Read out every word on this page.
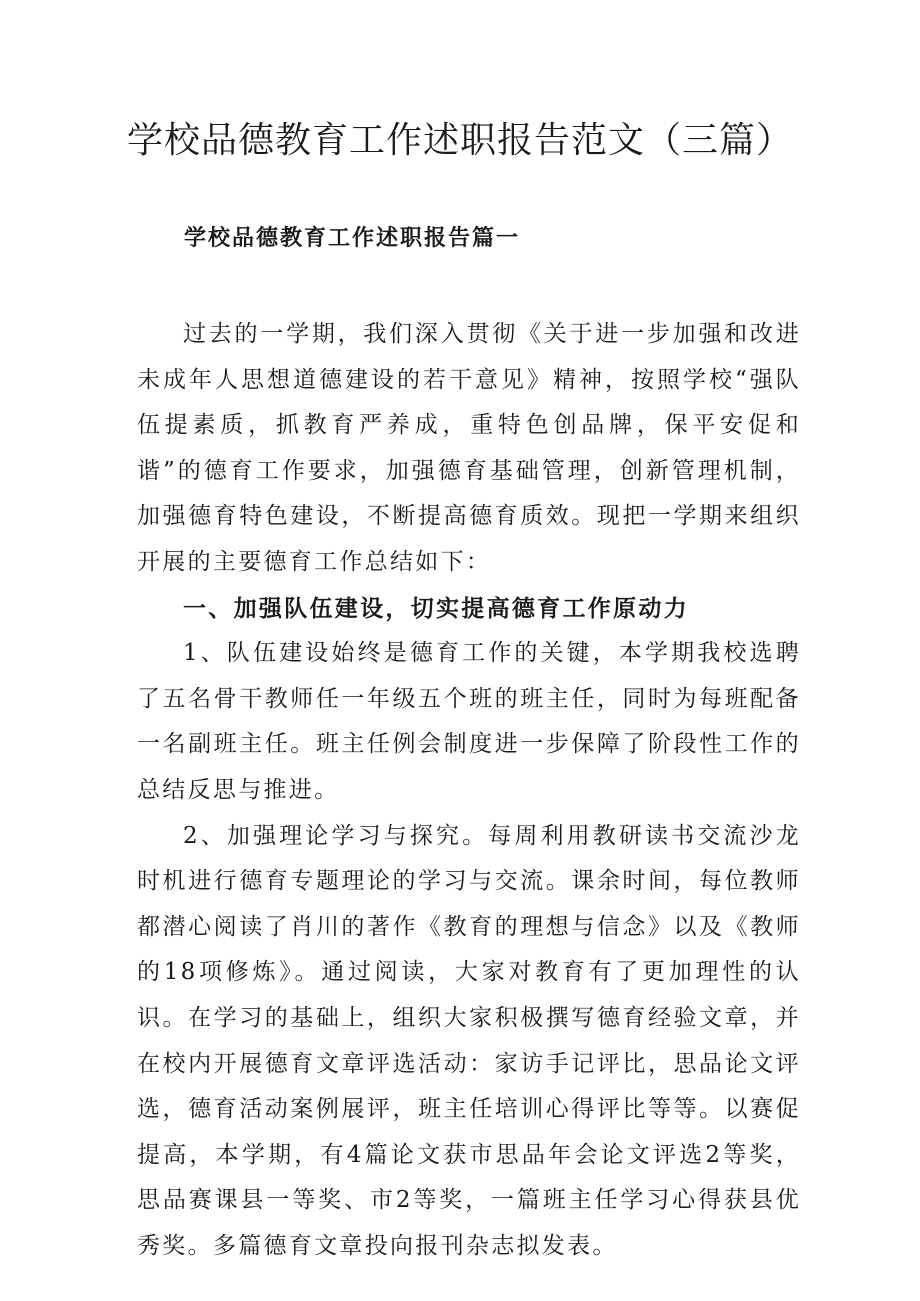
学校品德教育工作述职报告范文（三篇）
学校品德教育工作述职报告篇一

过去的一学期，我们深入贯彻《关于进一步加强和改进未成年人思想道德建设的若干意见》精神，按照学校“强队伍提素质，抓教育严养成，重特色创品牌，保平安促和谐”的德育工作要求，加强德育基础管理，创新管理机制，加强德育特色建设，不断提高德育质效。现把一学期来组织开展的主要德育工作总结如下：

一、加强队伍建设，切实提高德育工作原动力

1、队伍建设始终是德育工作的关键，本学期我校选聘了五名骨干教师任一年级五个班的班主任，同时为每班配备一名副班主任。班主任例会制度进一步保障了阶段性工作的总结反思与推进。

2、加强理论学习与探究。每周利用教研读书交流沙龙时机进行德育专题理论的学习与交流。课余时间，每位教师都潜心阅读了肖川的著作《教育的理想与信念》以及《教师的18项修炼》。通过阅读，大家对教育有了更加理性的认识。在学习的基础上，组织大家积极撰写德育经验文章，并在校内开展德育文章评选活动：家访手记评比，思品论文评选，德育活动案例展评，班主任培训心得评比等等。以赛促提高，本学期，有4篇论文获市思品年会论文评选2等奖，思品赛课县一等奖、市2等奖，一篇班主任学习心得获县优秀奖。多篇德育文章投向报刊杂志拟发表。
